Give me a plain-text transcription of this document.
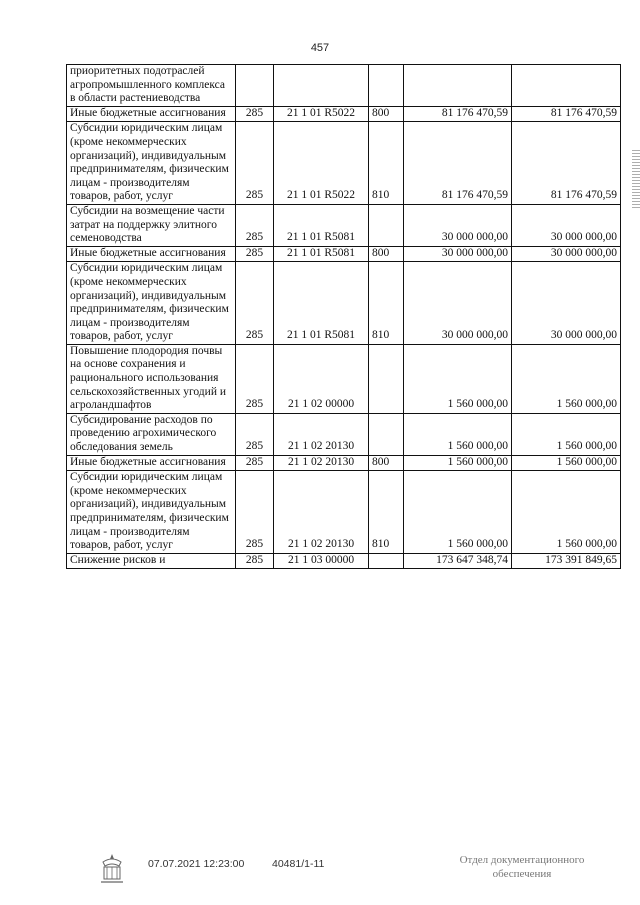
457
приоритетных подотраслей агропромышленного комплекса в области растениеводства					
Иные бюджетные ассигнования	285	21 1 01 R5022	800	81 176 470,59	81 176 470,59
Субсидии юридическим лицам (кроме некоммерческих организаций), индивидуальным предпринимателям, физическим лицам - производителям товаров, работ, услуг	285	21 1 01 R5022	810	81 176 470,59	81 176 470,59
Субсидии на возмещение части затрат на поддержку элитного семеноводства	285	21 1 01 R5081		30 000 000,00	30 000 000,00
Иные бюджетные ассигнования	285	21 1 01 R5081	800	30 000 000,00	30 000 000,00
Субсидии юридическим лицам (кроме некоммерческих организаций), индивидуальным предпринимателям, физическим лицам - производителям товаров, работ, услуг	285	21 1 01 R5081	810	30 000 000,00	30 000 000,00
Повышение плодородия почвы на основе сохранения и рационального использования сельскохозяйственных угодий и агроландшафтов	285	21 1 02 00000		1 560 000,00	1 560 000,00
Субсидирование расходов по проведению агрохимического обследования земель	285	21 1 02 20130		1 560 000,00	1 560 000,00
Иные бюджетные ассигнования	285	21 1 02 20130	800	1 560 000,00	1 560 000,00
Субсидии юридическим лицам (кроме некоммерческих организаций), индивидуальным предпринимателям, физическим лицам - производителям товаров, работ, услуг	285	21 1 02 20130	810	1 560 000,00	1 560 000,00
Снижение рисков и	285	21 1 03 00000		173 647 348,74	173 391 849,65
07.07.2021 12:23:00	40481/1-11	Отдел документационного обеспечения
